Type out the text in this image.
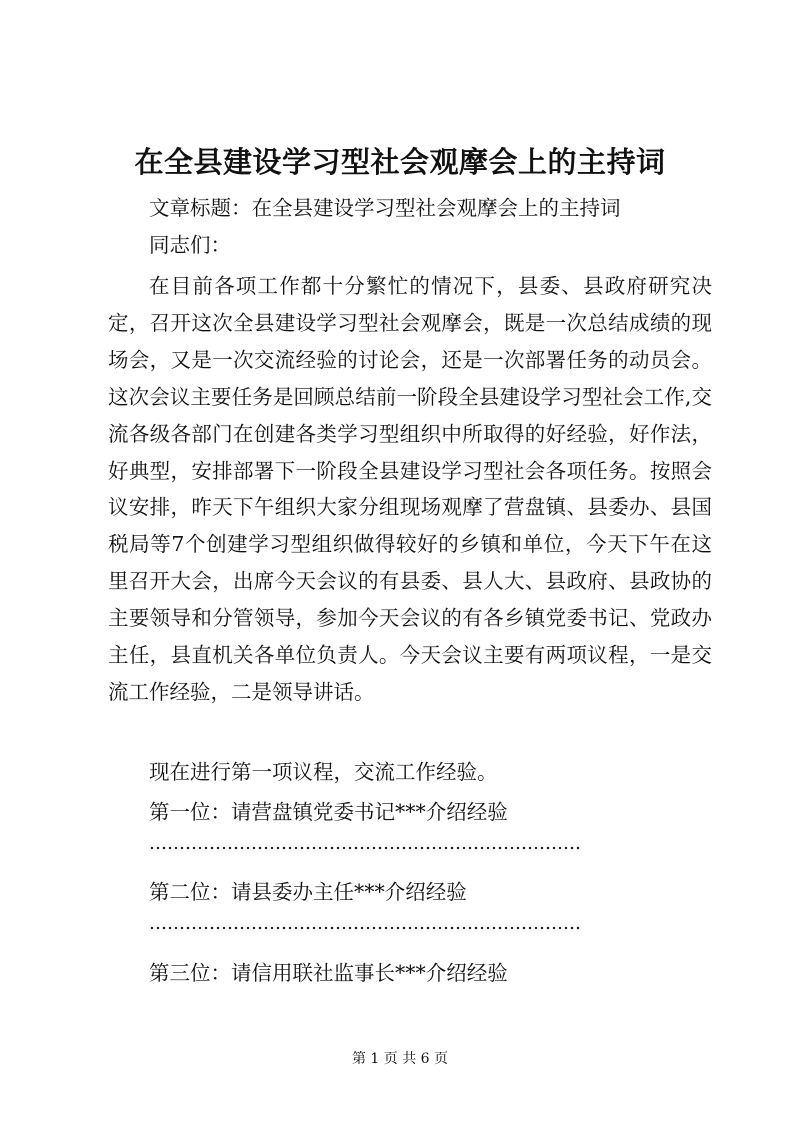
在全县建设学习型社会观摩会上的主持词

文章标题：在全县建设学习型社会观摩会上的主持词

同志们：

在目前各项工作都十分繁忙的情况下，县委、县政府研究决定，召开这次全县建设学习型社会观摩会，既是一次总结成绩的现场会，又是一次交流经验的讨论会，还是一次部署任务的动员会。这次会议主要任务是回顾总结前一阶段全县建设学习型社会工作,交流各级各部门在创建各类学习型组织中所取得的好经验，好作法，好典型，安排部署下一阶段全县建设学习型社会各项任务。按照会议安排，昨天下午组织大家分组现场观摩了营盘镇、县委办、县国税局等7个创建学习型组织做得较好的乡镇和单位，今天下午在这里召开大会，出席今天会议的有县委、县人大、县政府、县政协的主要领导和分管领导，参加今天会议的有各乡镇党委书记、党政办主任，县直机关各单位负责人。今天会议主要有两项议程，一是交流工作经验，二是领导讲话。

现在进行第一项议程，交流工作经验。

第一位：请营盘镇党委书记***介绍经验

第二位：请县委办主任***介绍经验

第三位：请信用联社监事长***介绍经验

第 1 页 共 6 页
